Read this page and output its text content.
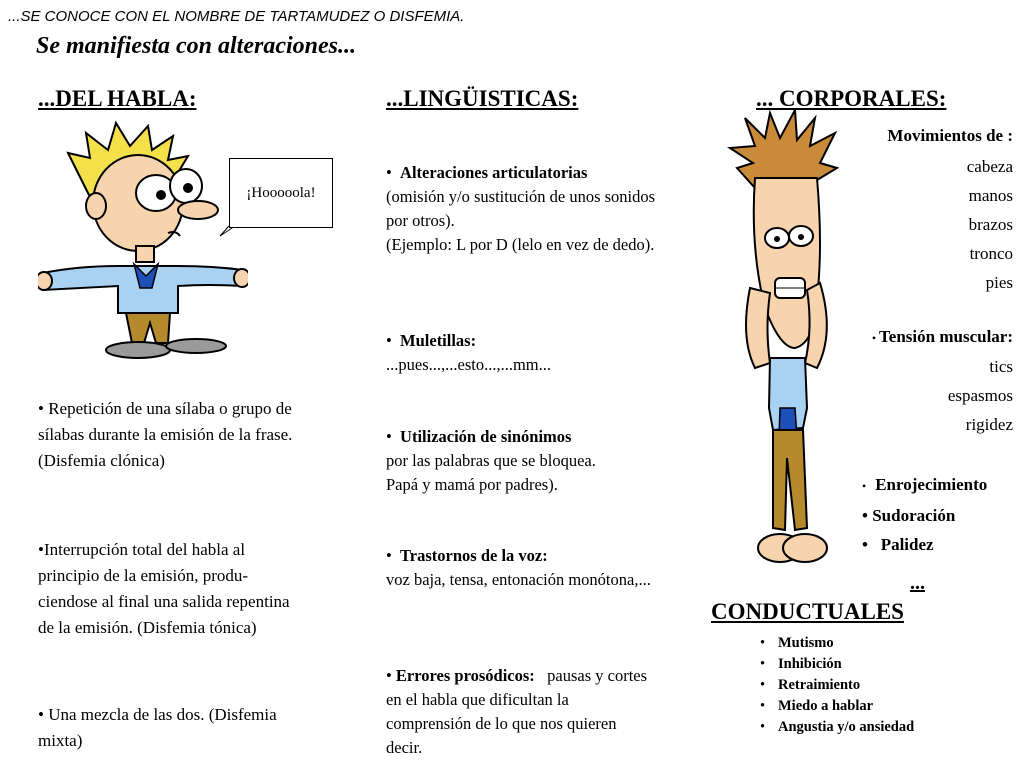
...SE CONOCE CON EL NOMBRE DE TARTAMUDEZ O DISFEMIA.
Se manifiesta con alteraciones...
...DEL HABLA:
¡Hooooola!
• Repetición de una sílaba o grupo de sílabas durante la emisión de la frase.(Disfemia clónica)
•Interrupción total del habla al principio de la emisión, produ-ciendose al final una salida repentina de la emisión. (Disfemia tónica)
• Una mezcla de las dos. (Disfemia mixta)
...LINGÜISTICAS:
•  Alteraciones articulatorias
(omisión y/o sustitución de unos sonidos por otros).
(Ejemplo: L por D (lelo en vez de dedo).
•  Muletillas:
...pues...,...esto...,...mm...
•  Utilización de sinónimos
por las palabras que se bloquea.
Papá y mamá por padres).
•  Trastornos de la voz:
voz baja, tensa, entonación monótona,...
• Errores prosódicos: pausas y cortes en el habla que dificultan la comprensión de lo que nos quieren decir.
... CORPORALES:
Movimientos de :
cabeza
manos
brazos
tronco
pies
• Tensión muscular:
tics
espasmos
rigidez
•   Enrojecimiento
• Sudoración
•   Palidez
...
CONDUCTUALES
• Mutismo
• Inhibición
• Retraimiento
• Miedo a hablar
• Angustia y/o ansiedad
